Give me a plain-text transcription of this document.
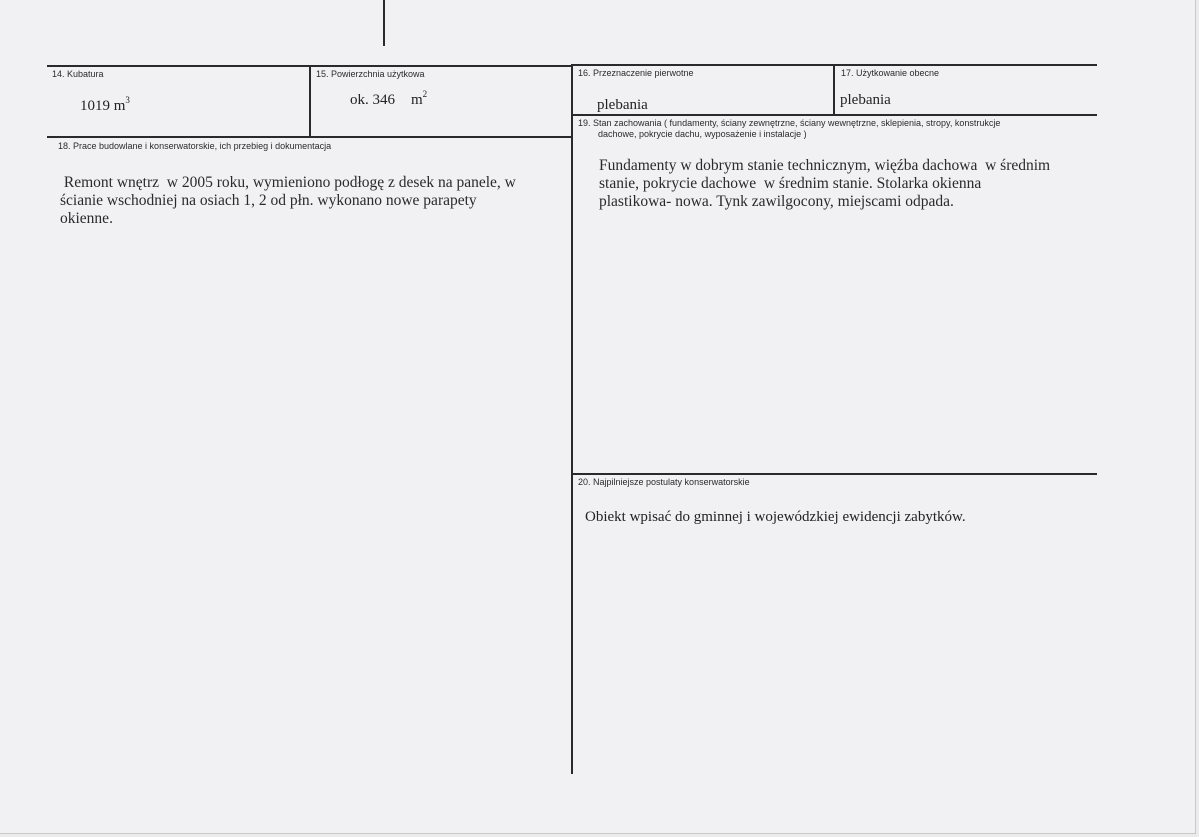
14. Kubatura
1019 $m^3$
15. Powierzchnia użytkowa
ok. 346 $m^2$
16. Przeznaczenie pierwotne
plebania
17. Użytkowanie obecne
plebania
18. Prace budowlane i konserwatorskie, ich przebieg i dokumentacja
Remont wnętrz  w 2005 roku, wymieniono podłogę z desek na panele, w
ścianie wschodniej na osiach 1, 2 od płn. wykonano nowe parapety
okienne.
19. Stan zachowania ( fundamenty, ściany zewnętrzne, ściany wewnętrzne, sklepienia, stropy, konstrukcje
dachowe, pokrycie dachu, wyposażenie i instalacje )
Fundamenty w dobrym stanie technicznym, więźba dachowa  w średnim
stanie, pokrycie dachowe  w średnim stanie. Stolarka okienna
plastikowa- nowa. Tynk zawilgocony, miejscami odpada.
20. Najpilniejsze postulaty konserwatorskie
Obiekt wpisać do gminnej i wojewódzkiej ewidencji zabytków.
